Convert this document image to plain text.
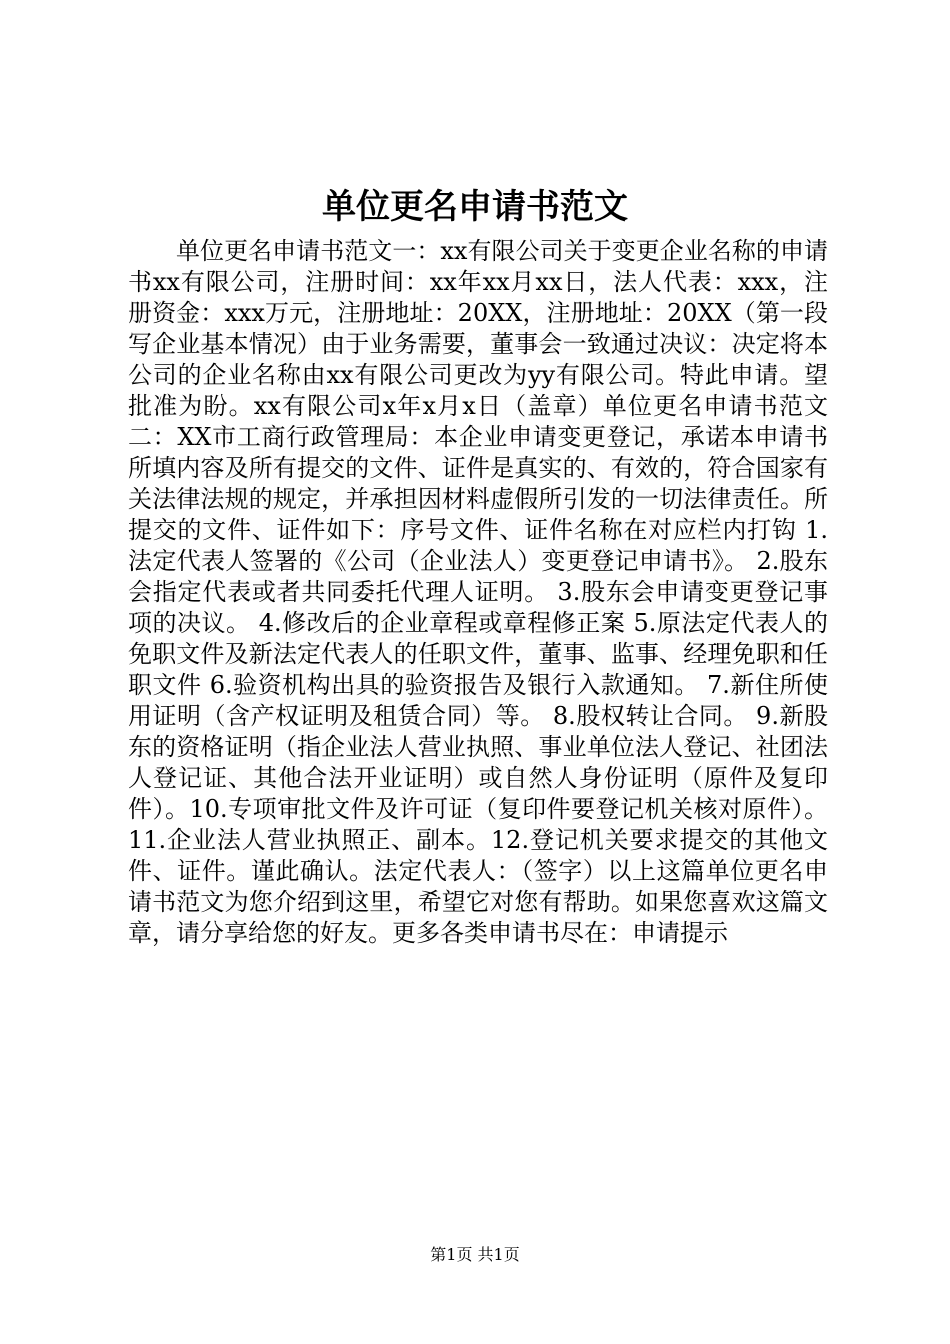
单位更名申请书范文

单位更名申请书范文一：xx有限公司关于变更企业名称的申请书xx有限公司，注册时间：xx年xx月xx日，法人代表：xxx，注册资金：xxx万元，注册地址：20XX，注册地址：20XX（第一段写企业基本情况）由于业务需要，董事会一致通过决议：决定将本公司的企业名称由xx有限公司更改为yy有限公司。特此申请。望批准为盼。xx有限公司x年x月x日（盖章）单位更名申请书范文二：XX市工商行政管理局：本企业申请变更登记，承诺本申请书所填内容及所有提交的文件、证件是真实的、有效的，符合国家有关法律法规的规定，并承担因材料虚假所引发的一切法律责任。所提交的文件、证件如下：序号文件、证件名称在对应栏内打钩 1.法定代表人签署的《公司（企业法人）变更登记申请书》。 2.股东会指定代表或者共同委托代理人证明。 3.股东会申请变更登记事项的决议。 4.修改后的企业章程或章程修正案 5.原法定代表人的免职文件及新法定代表人的任职文件，董事、监事、经理免职和任职文件 6.验资机构出具的验资报告及银行入款通知。 7.新住所使用证明（含产权证明及租赁合同）等。 8.股权转让合同。 9.新股东的资格证明（指企业法人营业执照、事业单位法人登记、社团法人登记证、其他合法开业证明）或自然人身份证明（原件及复印件）。10.专项审批文件及许可证（复印件要登记机关核对原件）。11.企业法人营业执照正、副本。12.登记机关要求提交的其他文件、证件。谨此确认。法定代表人：（签字）以上这篇单位更名申请书范文为您介绍到这里，希望它对您有帮助。如果您喜欢这篇文章，请分享给您的好友。更多各类申请书尽在：申请提示

第1页 共1页
